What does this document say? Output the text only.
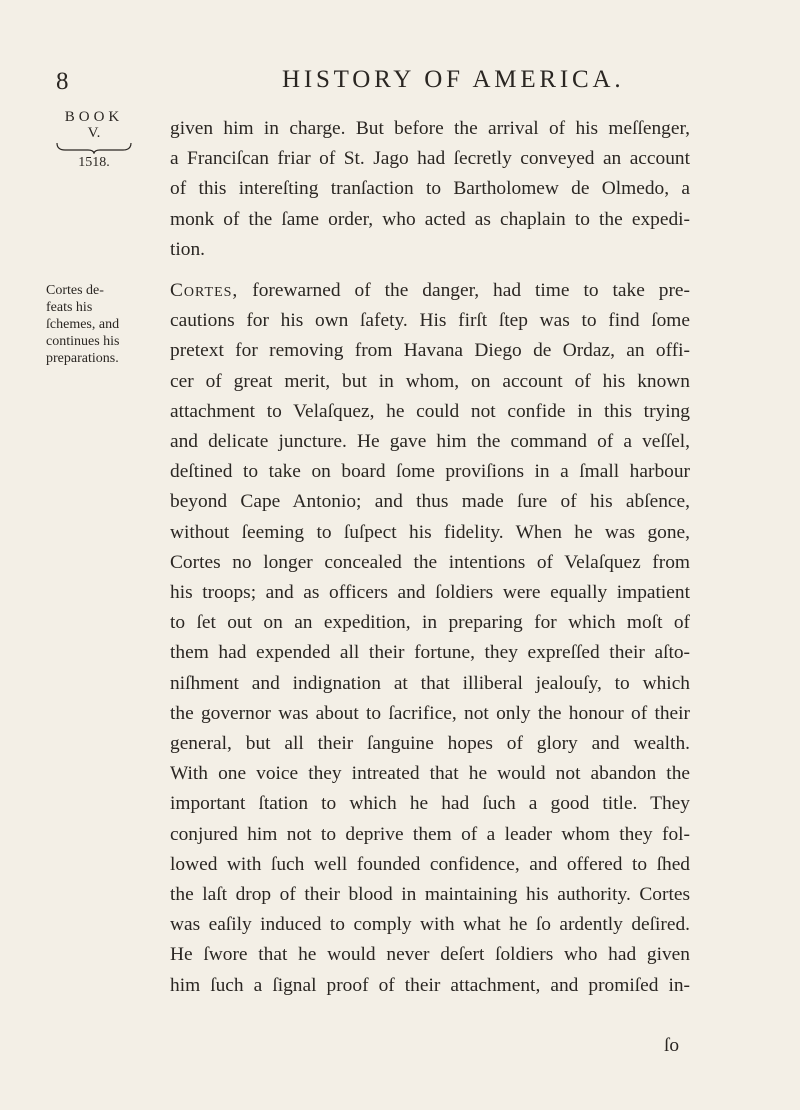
8	HISTORY OF AMERICA.
BOOK
V.
1518.
Cortes de-
feats his
ſchemes, and
continues his
preparations.
given him in charge. But before the arrival of his meſſenger,
a Franciſcan friar of St. Jago had ſecretly conveyed an account
of this intereſting tranſaction to Bartholomew de Olmedo, a
monk of the ſame order, who acted as chaplain to the expedi-
tion.
Cortes, forewarned of the danger, had time to take pre-
cautions for his own ſafety. His firſt ſtep was to find ſome
pretext for removing from Havana Diego de Ordaz, an offi-
cer of great merit, but in whom, on account of his known
attachment to Velaſquez, he could not confide in this trying
and delicate juncture. He gave him the command of a veſſel,
deſtined to take on board ſome proviſions in a ſmall harbour
beyond Cape Antonio; and thus made ſure of his abſence,
without ſeeming to ſuſpect his fidelity. When he was gone,
Cortes no longer concealed the intentions of Velaſquez from
his troops; and as officers and ſoldiers were equally impatient
to ſet out on an expedition, in preparing for which moſt of
them had expended all their fortune, they expreſſed their aſto-
niſhment and indignation at that illiberal jealouſy, to which
the governor was about to ſacrifice, not only the honour of their
general, but all their ſanguine hopes of glory and wealth.
With one voice they intreated that he would not abandon the
important ſtation to which he had ſuch a good title. They
conjured him not to deprive them of a leader whom they fol-
lowed with ſuch well founded confidence, and offered to ſhed
the laſt drop of their blood in maintaining his authority. Cortes
was eaſily induced to comply with what he ſo ardently deſired.
He ſwore that he would never deſert ſoldiers who had given
him ſuch a ſignal proof of their attachment, and promiſed in-
ſo
